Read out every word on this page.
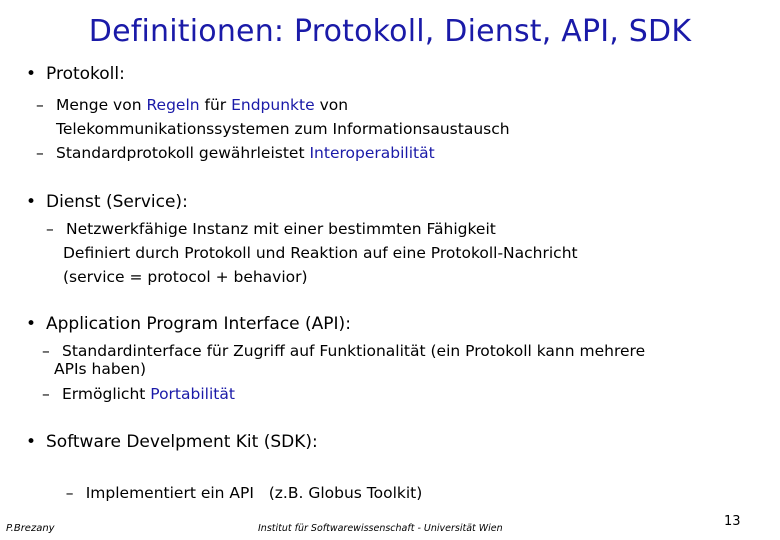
Definitionen: Protokoll, Dienst, API, SDK
• Protokoll:
– Menge von Regeln für Endpunkte von
Telekommunikationssystemen zum Informationsaustausch
– Standardprotokoll gewährleistet Interoperabilität
• Dienst (Service):
– Netzwerkfähige Instanz mit einer bestimmten Fähigkeit
Definiert durch Protokoll und Reaktion auf eine Protokoll-Nachricht
(service = protocol + behavior)
• Application Program Interface (API):
– Standardinterface für Zugriff auf Funktionalität (ein Protokoll kann mehrere
APIs haben)
– Ermöglicht Portabilität
• Software Develpment Kit (SDK):

– Implementiert ein API   (z.B. Globus Toolkit)

P.Brezany	Institut für Softwarewissenschaft - Universität Wien	13
